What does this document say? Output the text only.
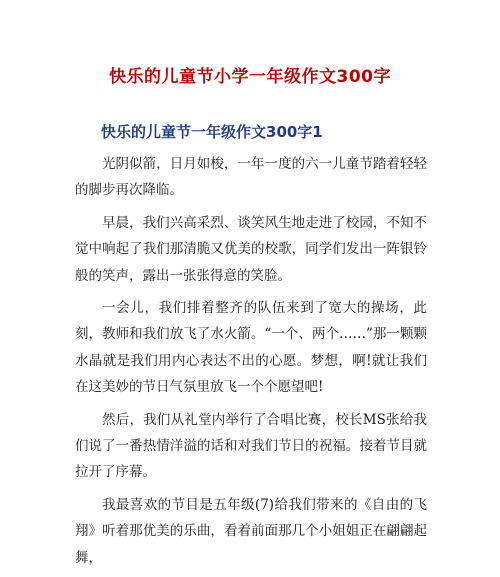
快乐的儿童节小学一年级作文300字
快乐的儿童节一年级作文300字1

光阴似箭，日月如梭，一年一度的六一儿童节踏着轻轻的脚步再次降临。

早晨，我们兴高采烈、谈笑风生地走进了校园，不知不觉中响起了我们那清脆又优美的校歌，同学们发出一阵银铃般的笑声，露出一张张得意的笑脸。

一会儿，我们排着整齐的队伍来到了宽大的操场，此刻，教师和我们放飞了水火箭。“一个、两个……”那一颗颗水晶就是我们用内心表达不出的心愿。梦想，啊!就让我们在这美妙的节日气氛里放飞一个个愿望吧!

然后，我们从礼堂内举行了合唱比赛，校长MS张给我们说了一番热情洋溢的话和对我们节日的祝福。接着节目就拉开了序幕。

我最喜欢的节目是五年级(7)给我们带来的《自由的飞翔》听着那优美的乐曲，看着前面那几个小姐姐正在翩翩起舞，
